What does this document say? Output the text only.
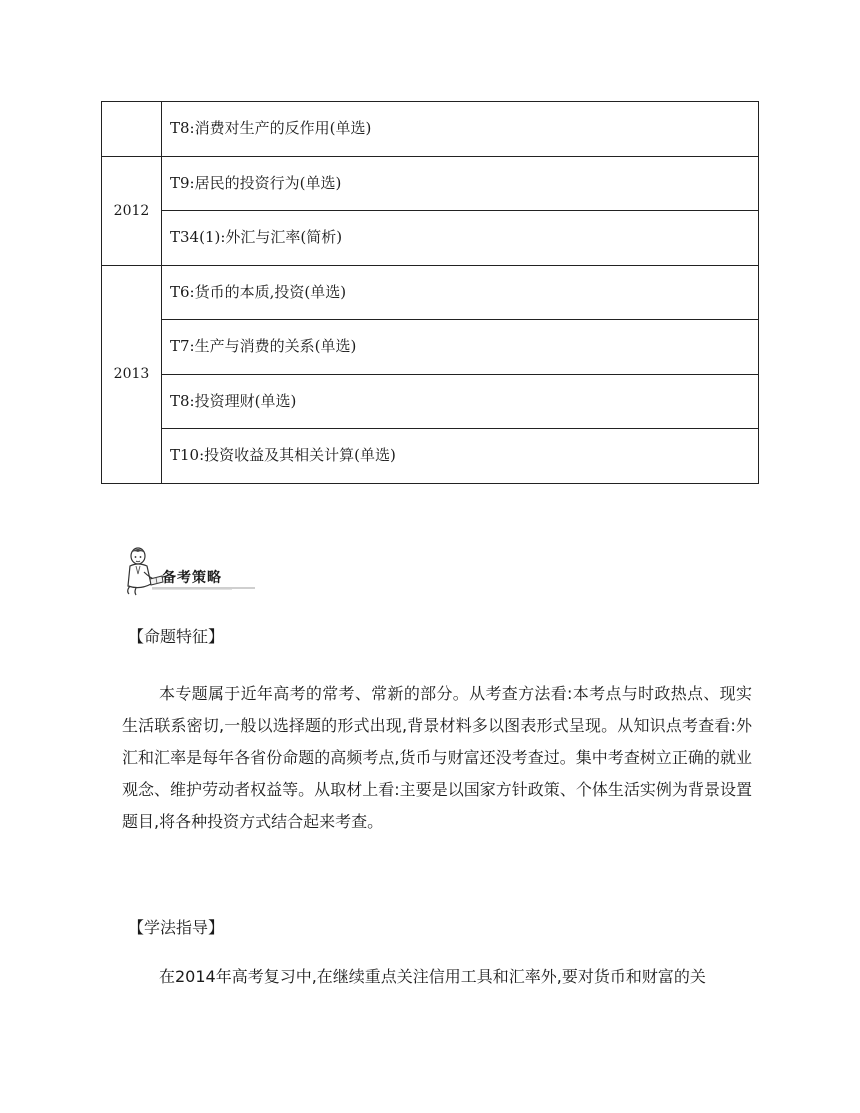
	T8:消费对生产的反作用(单选)
2012	T9:居民的投资行为(单选)
	T34(1):外汇与汇率(简析)
2013	T6:货币的本质,投资(单选)
	T7:生产与消费的关系(单选)
	T8:投资理财(单选)
	T10:投资收益及其相关计算(单选)
备考策略
【命题特征】

本专题属于近年高考的常考、常新的部分。从考查方法看:本考点与时政热点、现实生活联系密切,一般以选择题的形式出现,背景材料多以图表形式呈现。从知识点考查看:外汇和汇率是每年各省份命题的高频考点,货币与财富还没考查过。集中考查树立正确的就业观念、维护劳动者权益等。从取材上看:主要是以国家方针政策、个体生活实例为背景设置题目,将各种投资方式结合起来考查。

【学法指导】

在2014年高考复习中,在继续重点关注信用工具和汇率外,要对货币和财富的关
